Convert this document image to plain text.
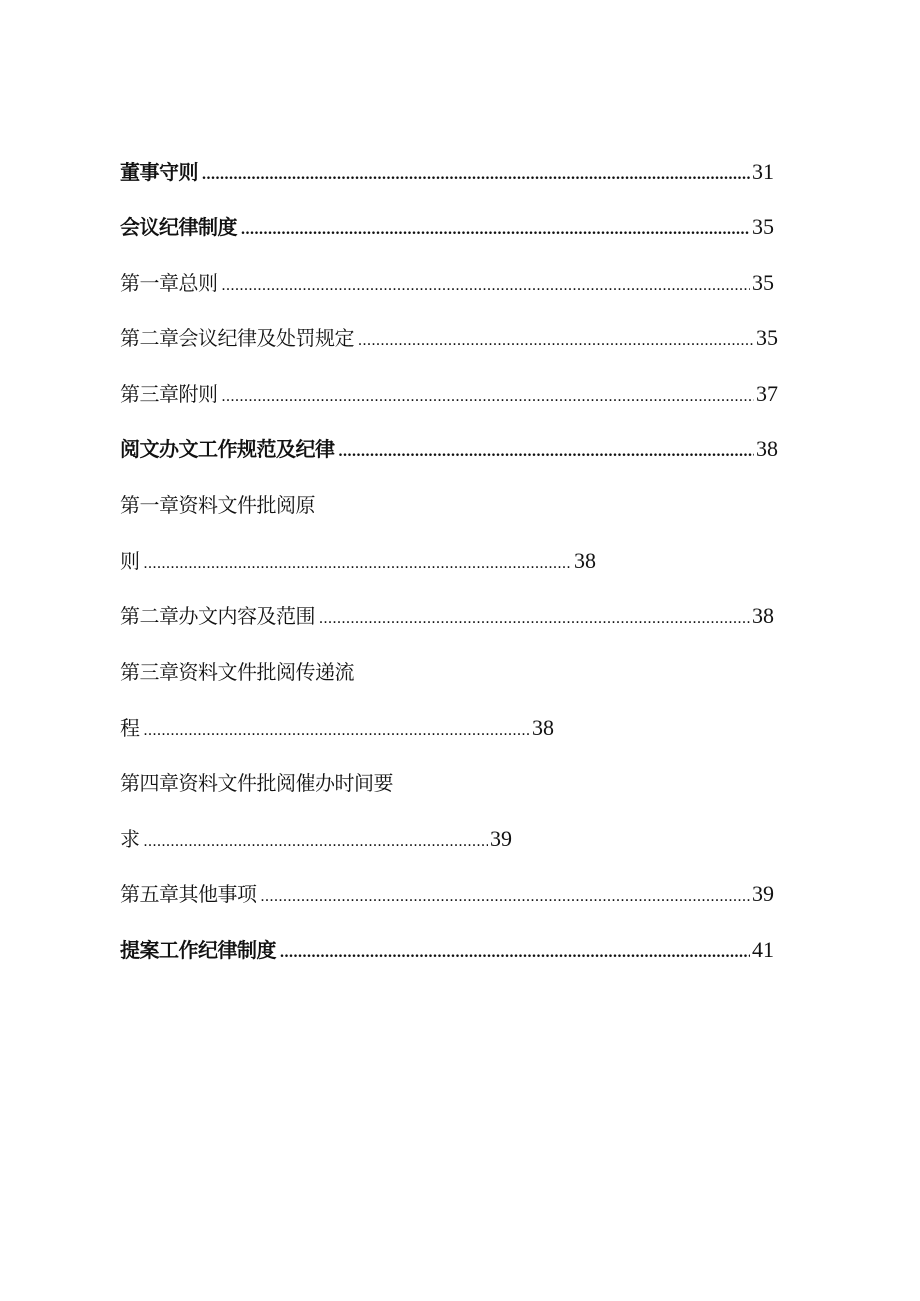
董事守则 .....	31
会议纪律制度 .....	35
第一章总则 .....	35
第二章会议纪律及处罚规定 .....	35
第三章附则 .....	37
阅文办文工作规范及纪律 .....	38
第一章资料文件批阅原
则 .....	38
第二章办文内容及范围 .....	38
第三章资料文件批阅传递流
程 .....	38
第四章资料文件批阅催办时间要
求 .....	39
第五章其他事项 .....	39
提案工作纪律制度 .....	41
